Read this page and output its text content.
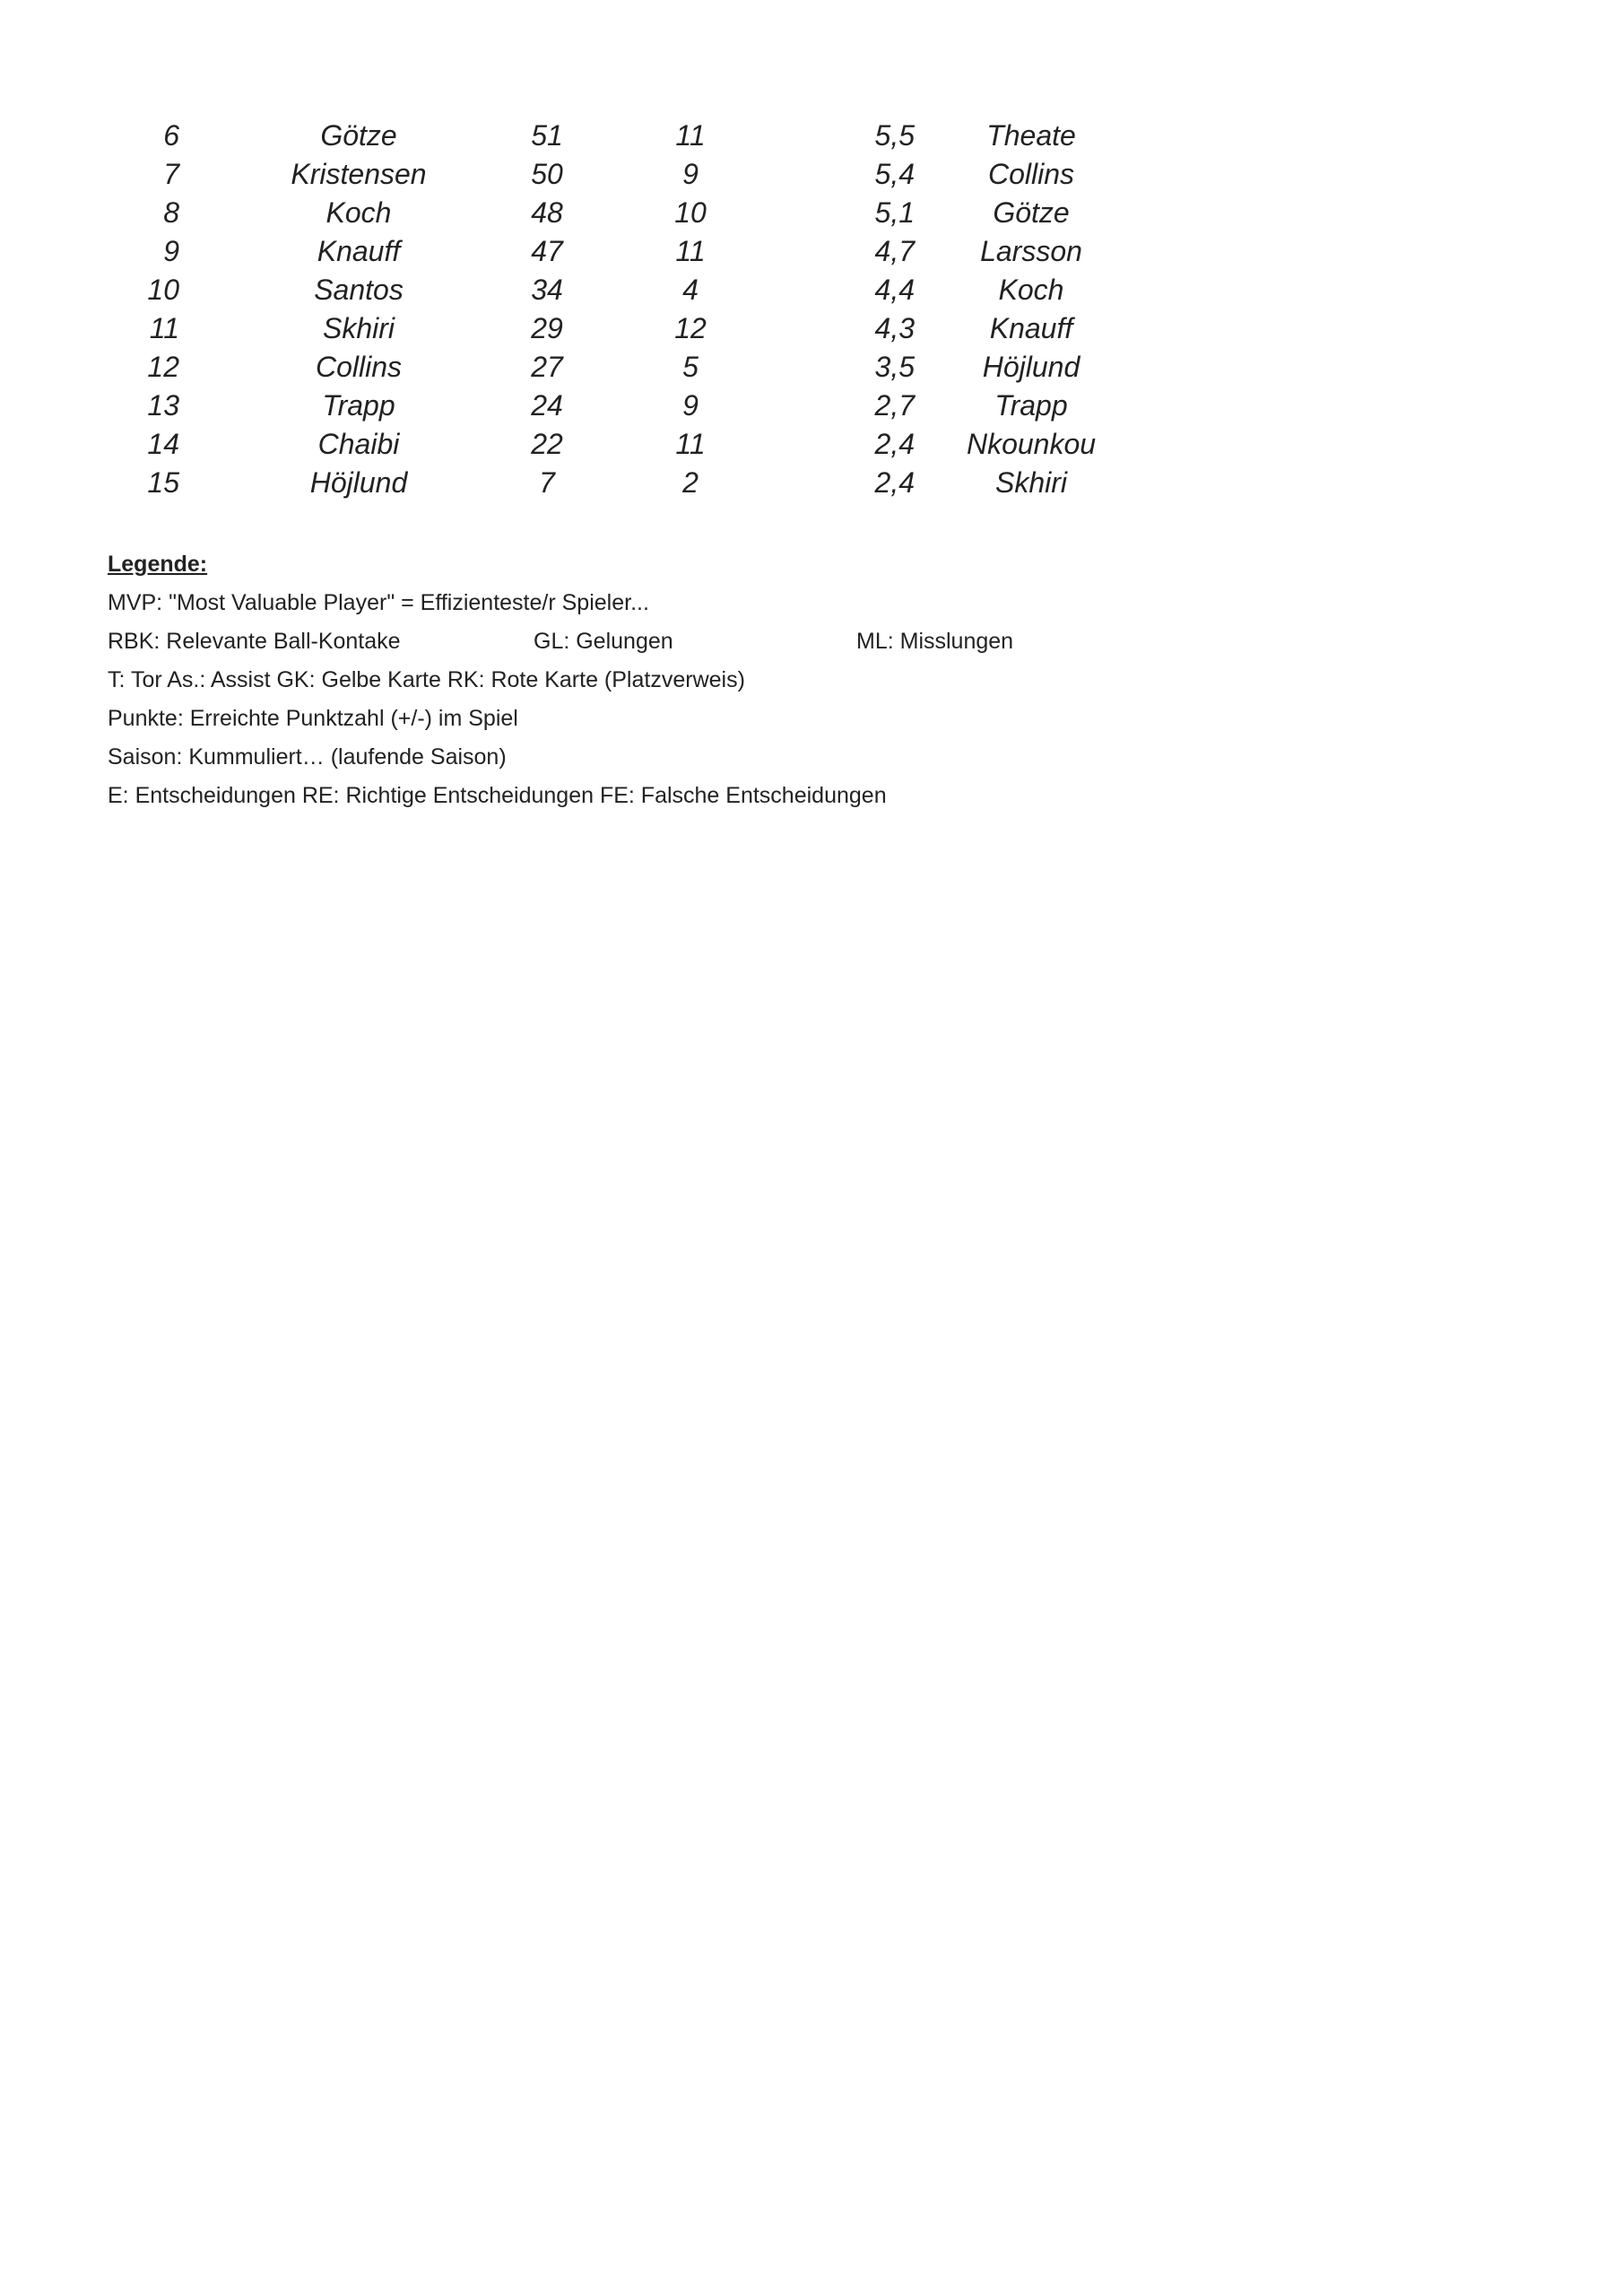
6	Götze	51	11	5,5	Theate
7	Kristensen	50	9	5,4	Collins
8	Koch	48	10	5,1	Götze
9	Knauff	47	11	4,7	Larsson
10	Santos	34	4	4,4	Koch
11	Skhiri	29	12	4,3	Knauff
12	Collins	27	5	3,5	Höjlund
13	Trapp	24	9	2,7	Trapp
14	Chaibi	22	11	2,4	Nkounkou
15	Höjlund	7	2	2,4	Skhiri
Legende:
MVP: "Most Valuable Player" = Effizienteste/r Spieler...
RBK: Relevante Ball-Kontake	GL: Gelungen	ML: Misslungen
T: Tor As.: Assist GK: Gelbe Karte RK: Rote Karte (Platzverweis)
Punkte: Erreichte Punktzahl (+/-) im Spiel
Saison: Kummuliert… (laufende Saison)
E: Entscheidungen RE: Richtige Entscheidungen FE: Falsche Entscheidungen
